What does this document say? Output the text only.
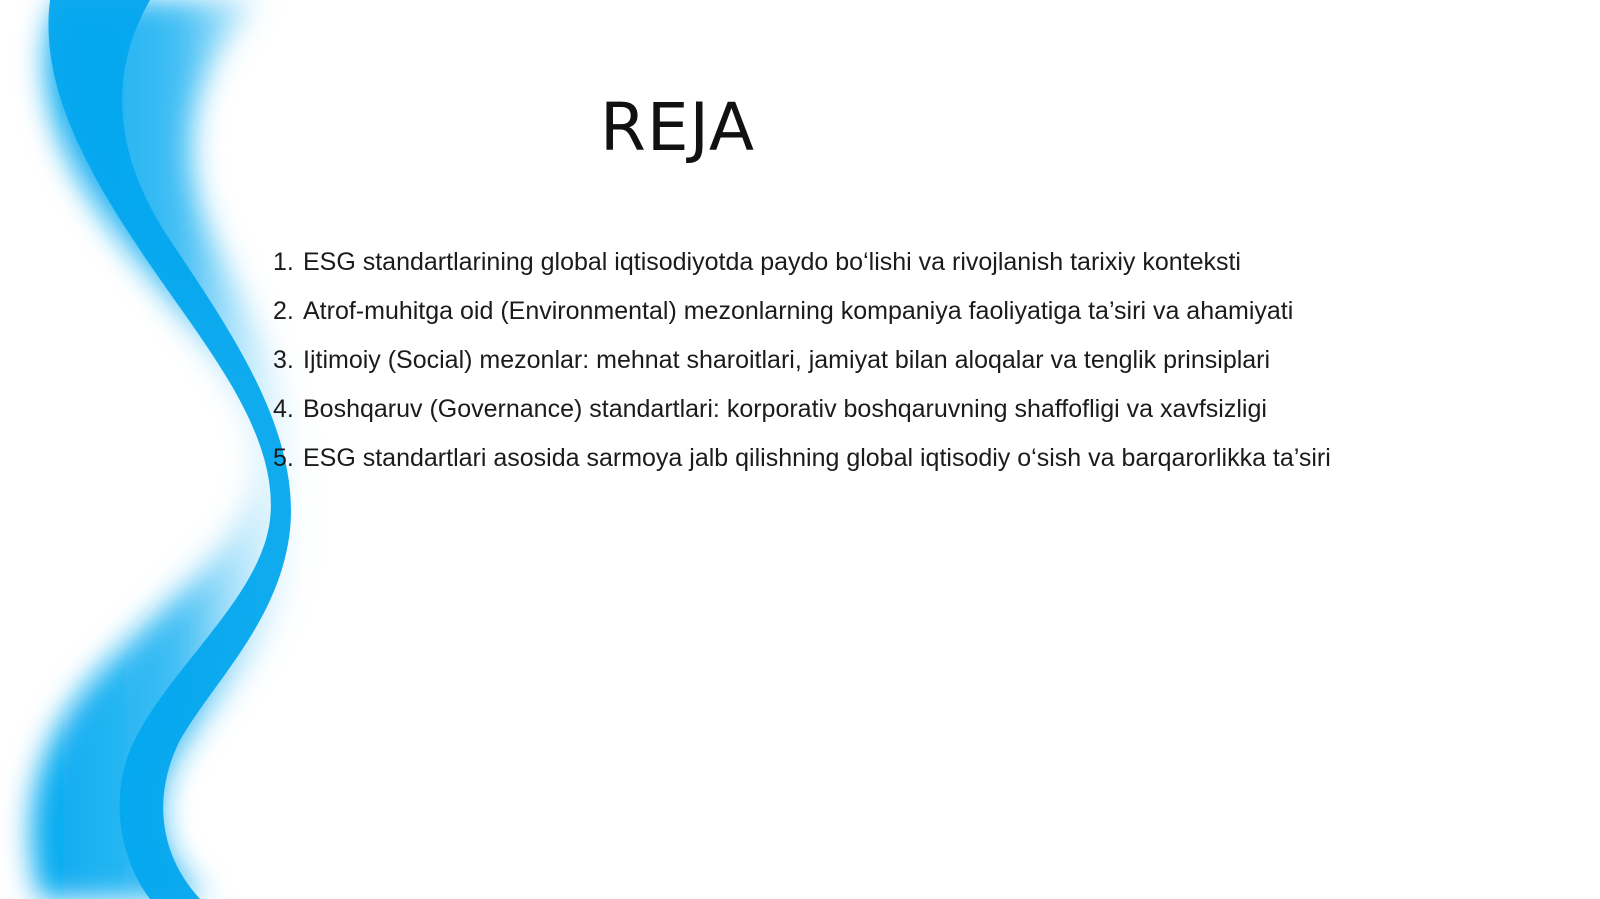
REJA
1. ESG standartlarining global iqtisodiyotda paydo bo‘lishi va rivojlanish tarixiy konteksti
2. Atrof-muhitga oid (Environmental) mezonlarning kompaniya faoliyatiga ta’siri va ahamiyati
3. Ijtimoiy (Social) mezonlar: mehnat sharoitlari, jamiyat bilan aloqalar va tenglik prinsiplari
4. Boshqaruv (Governance) standartlari: korporativ boshqaruvning shaffofligi va xavfsizligi
5. ESG standartlari asosida sarmoya jalb qilishning global iqtisodiy o‘sish va barqarorlikka ta’siri
